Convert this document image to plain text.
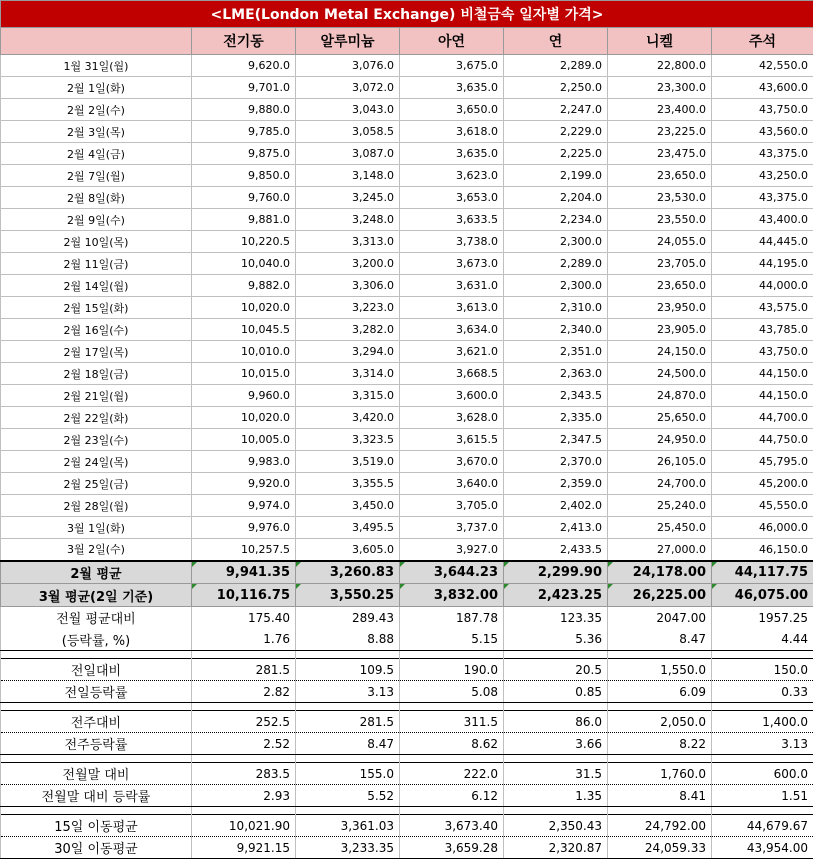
<LME(London Metal Exchange) 비철금속 일자별 가격>						
	전기동	알루미늄	아연	연	니켈	주석
1월 31일(월)	9,620.0	3,076.0	3,675.0	2,289.0	22,800.0	42,550.0
2월 1일(화)	9,701.0	3,072.0	3,635.0	2,250.0	23,300.0	43,600.0
2월 2일(수)	9,880.0	3,043.0	3,650.0	2,247.0	23,400.0	43,750.0
2월 3일(목)	9,785.0	3,058.5	3,618.0	2,229.0	23,225.0	43,560.0
2월 4일(금)	9,875.0	3,087.0	3,635.0	2,225.0	23,475.0	43,375.0
2월 7일(월)	9,850.0	3,148.0	3,623.0	2,199.0	23,650.0	43,250.0
2월 8일(화)	9,760.0	3,245.0	3,653.0	2,204.0	23,530.0	43,375.0
2월 9일(수)	9,881.0	3,248.0	3,633.5	2,234.0	23,550.0	43,400.0
2월 10일(목)	10,220.5	3,313.0	3,738.0	2,300.0	24,055.0	44,445.0
2월 11일(금)	10,040.0	3,200.0	3,673.0	2,289.0	23,705.0	44,195.0
2월 14일(월)	9,882.0	3,306.0	3,631.0	2,300.0	23,650.0	44,000.0
2월 15일(화)	10,020.0	3,223.0	3,613.0	2,310.0	23,950.0	43,575.0
2월 16일(수)	10,045.5	3,282.0	3,634.0	2,340.0	23,905.0	43,785.0
2월 17일(목)	10,010.0	3,294.0	3,621.0	2,351.0	24,150.0	43,750.0
2월 18일(금)	10,015.0	3,314.0	3,668.5	2,363.0	24,500.0	44,150.0
2월 21일(월)	9,960.0	3,315.0	3,600.0	2,343.5	24,870.0	44,150.0
2월 22일(화)	10,020.0	3,420.0	3,628.0	2,335.0	25,650.0	44,700.0
2월 23일(수)	10,005.0	3,323.5	3,615.5	2,347.5	24,950.0	44,750.0
2월 24일(목)	9,983.0	3,519.0	3,670.0	2,370.0	26,105.0	45,795.0
2월 25일(금)	9,920.0	3,355.5	3,640.0	2,359.0	24,700.0	45,200.0
2월 28일(월)	9,974.0	3,450.0	3,705.0	2,402.0	25,240.0	45,550.0
3월 1일(화)	9,976.0	3,495.5	3,737.0	2,413.0	25,450.0	46,000.0
3월 2일(수)	10,257.5	3,605.0	3,927.0	2,433.5	27,000.0	46,150.0
2월 평균	9,941.35	3,260.83	3,644.23	2,299.90	24,178.00	44,117.75
3월 평균(2일 기준)	10,116.75	3,550.25	3,832.00	2,423.25	26,225.00	46,075.00
전월 평균대비	175.40	289.43	187.78	123.35	2047.00	1957.25
(등락률, %)	1.76	8.88	5.15	5.36	8.47	4.44

전일대비	281.5	109.5	190.0	20.5	1,550.0	150.0
전일등락률	2.82	3.13	5.08	0.85	6.09	0.33

전주대비	252.5	281.5	311.5	86.0	2,050.0	1,400.0
전주등락률	2.52	8.47	8.62	3.66	8.22	3.13

전월말 대비	283.5	155.0	222.0	31.5	1,760.0	600.0
전월말 대비 등락률	2.93	5.52	6.12	1.35	8.41	1.51

15일 이동평균	10,021.90	3,361.03	3,673.40	2,350.43	24,792.00	44,679.67
30일 이동평균	9,921.15	3,233.35	3,659.28	2,320.87	24,059.33	43,954.00
